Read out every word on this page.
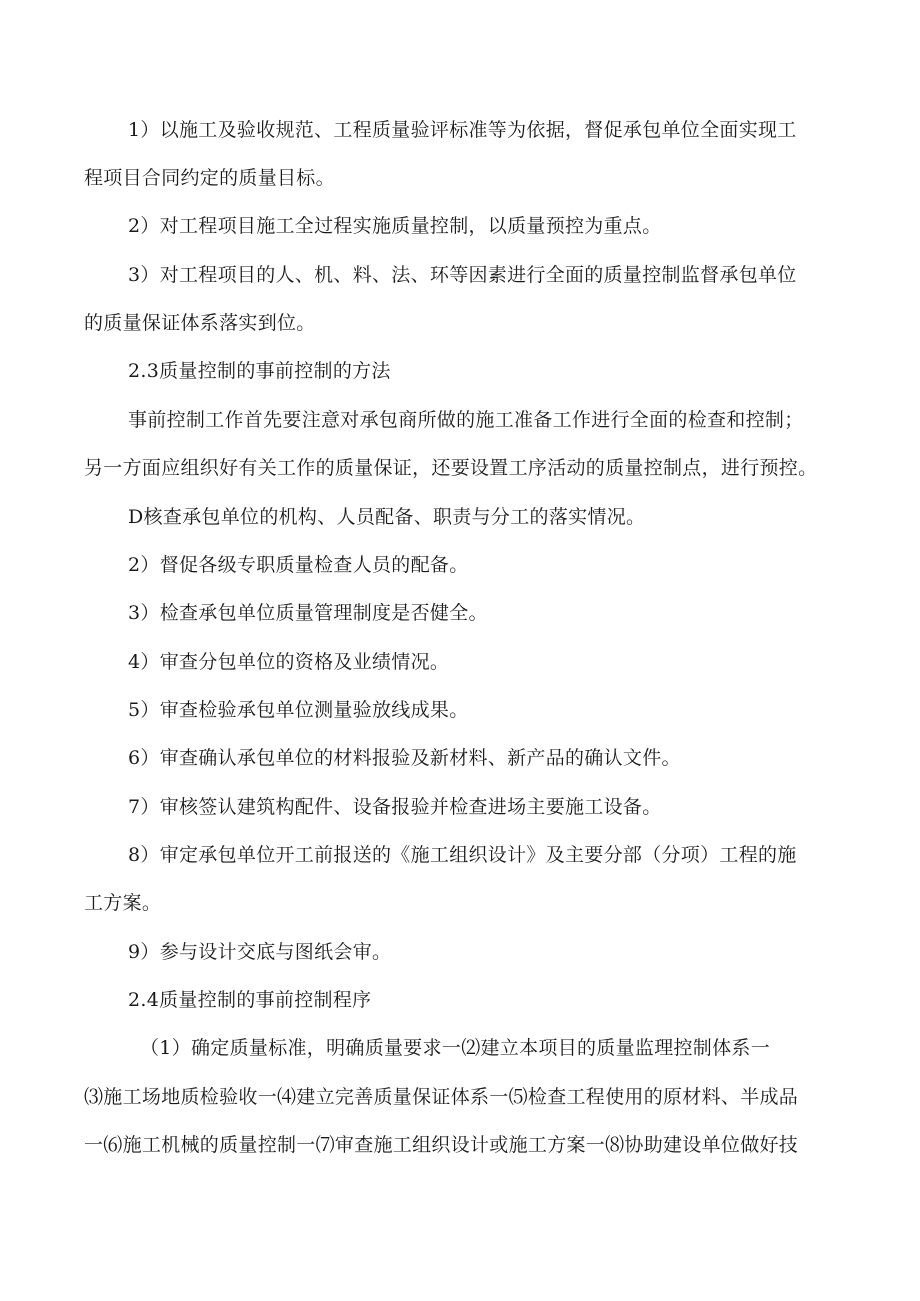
1）以施工及验收规范、工程质量验评标准等为依据，督促承包单位全面实现工
程项目合同约定的质量目标。
2）对工程项目施工全过程实施质量控制，以质量预控为重点。
3）对工程项目的人、机、料、法、环等因素进行全面的质量控制监督承包单位
的质量保证体系落实到位。
2.3质量控制的事前控制的方法
事前控制工作首先要注意对承包商所做的施工准备工作进行全面的检查和控制；
另一方面应组织好有关工作的质量保证，还要设置工序活动的质量控制点，进行预控。
D核查承包单位的机构、人员配备、职责与分工的落实情况。
2）督促各级专职质量检查人员的配备。
3）检查承包单位质量管理制度是否健全。
4）审查分包单位的资格及业绩情况。
5）审查检验承包单位测量验放线成果。
6）审查确认承包单位的材料报验及新材料、新产品的确认文件。
7）审核签认建筑构配件、设备报验并检查进场主要施工设备。
8）审定承包单位开工前报送的《施工组织设计》及主要分部（分项）工程的施
工方案。
9）参与设计交底与图纸会审。
2.4质量控制的事前控制程序
（1）确定质量标准，明确质量要求一⑵建立本项目的质量监理控制体系一
⑶施工场地质检验收一⑷建立完善质量保证体系一⑸检查工程使用的原材料、半成品
一⑹施工机械的质量控制一⑺审查施工组织设计或施工方案一⑻协助建设单位做好技
